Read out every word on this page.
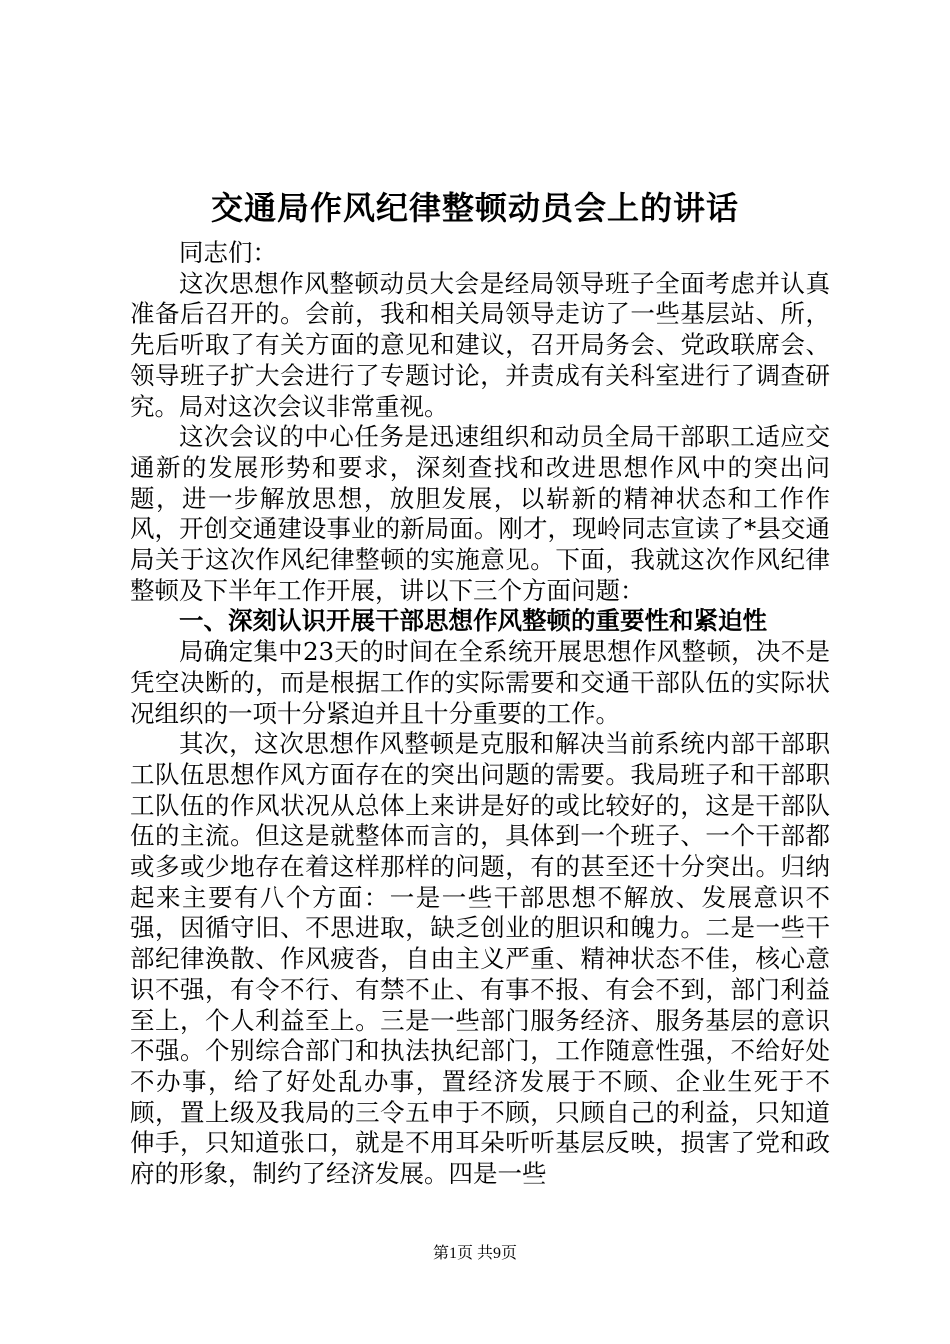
交通局作风纪律整顿动员会上的讲话

同志们：

这次思想作风整顿动员大会是经局领导班子全面考虑并认真准备后召开的。会前，我和相关局领导走访了一些基层站、所，先后听取了有关方面的意见和建议，召开局务会、党政联席会、领导班子扩大会进行了专题讨论，并责成有关科室进行了调查研究。局对这次会议非常重视。

这次会议的中心任务是迅速组织和动员全局干部职工适应交通新的发展形势和要求，深刻查找和改进思想作风中的突出问题，进一步解放思想，放胆发展，以崭新的精神状态和工作作风，开创交通建设事业的新局面。刚才，现岭同志宣读了*县交通局关于这次作风纪律整顿的实施意见。下面，我就这次作风纪律整顿及下半年工作开展，讲以下三个方面问题：

一、深刻认识开展干部思想作风整顿的重要性和紧迫性

局确定集中23天的时间在全系统开展思想作风整顿，决不是凭空决断的，而是根据工作的实际需要和交通干部队伍的实际状况组织的一项十分紧迫并且十分重要的工作。

其次，这次思想作风整顿是克服和解决当前系统内部干部职工队伍思想作风方面存在的突出问题的需要。我局班子和干部职工队伍的作风状况从总体上来讲是好的或比较好的，这是干部队伍的主流。但这是就整体而言的，具体到一个班子、一个干部都或多或少地存在着这样那样的问题，有的甚至还十分突出。归纳起来主要有八个方面：一是一些干部思想不解放、发展意识不强，因循守旧、不思进取，缺乏创业的胆识和魄力。二是一些干部纪律涣散、作风疲沓，自由主义严重、精神状态不佳，核心意识不强，有令不行、有禁不止、有事不报、有会不到，部门利益至上，个人利益至上。三是一些部门服务经济、服务基层的意识不强。个别综合部门和执法执纪部门，工作随意性强，不给好处不办事，给了好处乱办事，置经济发展于不顾、企业生死于不顾，置上级及我局的三令五申于不顾，只顾自己的利益，只知道伸手，只知道张口，就是不用耳朵听听基层反映，损害了党和政府的形象，制约了经济发展。四是一些

第1页 共9页
